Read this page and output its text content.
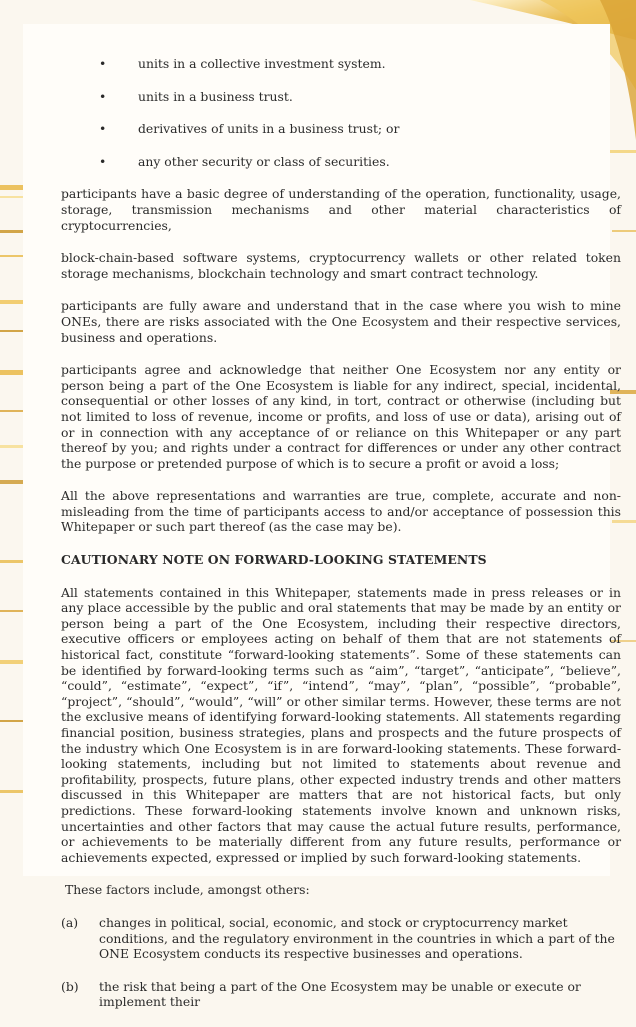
•	units in a collective investment system.
•	units in a business trust.
•	derivatives of units in a business trust; or
•	any other security or class of securities.

participants have a basic degree of understanding of the operation, functionality, usage, storage, transmission mechanisms and other material characteristics of cryptocurrencies,

block-chain-based software systems, cryptocurrency wallets or other related token storage mechanisms, blockchain technology and smart contract technology.

participants are fully aware and understand that in the case where you wish to mine ONEs, there are risks associated with the One Ecosystem and their respective services, business and operations.

participants agree and acknowledge that neither One Ecosystem nor any entity or person being a part of the One Ecosystem is liable for any indirect, special, incidental, consequential or other losses of any kind, in tort, contract or otherwise (including but not limited to loss of revenue, income or profits, and loss of use or data), arising out of or in connection with any acceptance of or reliance on this Whitepaper or any part thereof by you; and rights under a contract for differences or under any other contract the purpose or pretended purpose of which is to secure a profit or avoid a loss;

All the above representations and warranties are true, complete, accurate and non- misleading from the time of participants access to and/or acceptance of possession this Whitepaper or such part thereof (as the case may be).

CAUTIONARY NOTE ON FORWARD-LOOKING STATEMENTS

All statements contained in this Whitepaper, statements made in press releases or in any place accessible by the public and oral statements that may be made by an entity or person being a part of the One Ecosystem, including their respective directors, executive officers or employees acting on behalf of them that are not statements of historical fact, constitute “forward-looking statements”. Some of these statements can be identified by forward-looking terms such as “aim”, “target”, “anticipate”, “believe”, “could”, “estimate”, “expect”, “if”, “intend”, “may”, “plan”, “possible”, “probable”, “project”, “should”, “would”, “will” or other similar terms. However, these terms are not the exclusive means of identifying forward-looking statements. All statements regarding financial position, business strategies, plans and prospects and the future prospects of the industry which One Ecosystem is in are forward-looking statements. These forward-looking statements, including but not limited to statements about revenue and profitability, prospects, future plans, other expected industry trends and other matters discussed in this Whitepaper are matters that are not historical facts, but only predictions. These forward-looking statements involve known and unknown risks, uncertainties and other factors that may cause the actual future results, performance, or achievements to be materially different from any future results, performance or achievements expected, expressed or implied by such forward-looking statements.

These factors include, amongst others:

(a) changes in political, social, economic, and stock or cryptocurrency market conditions, and the regulatory environment in the countries in which a part of the ONE Ecosystem conducts its respective businesses and operations.
(b) the risk that being a part of the One Ecosystem may be unable or execute or implement their
